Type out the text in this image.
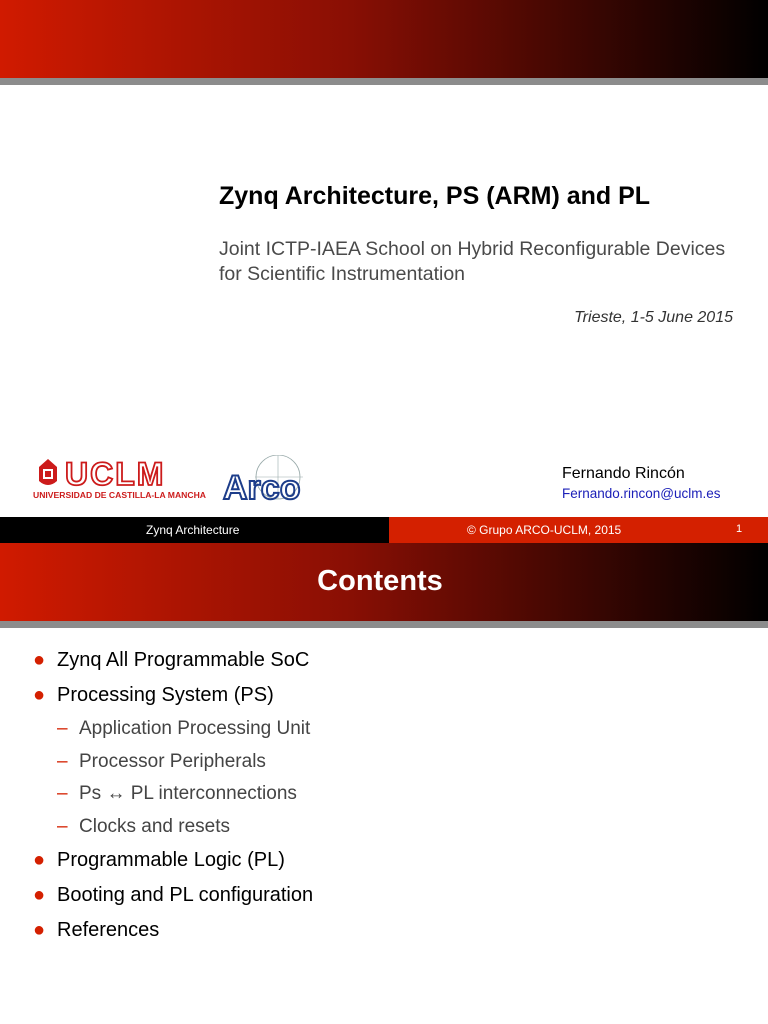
Zynq Architecture, PS (ARM) and PL
Joint ICTP-IAEA School on Hybrid Reconfigurable Devices for Scientific Instrumentation
Trieste, 1-5 June 2015
UCLM
UNIVERSIDAD DE CASTILLA-LA MANCHA Arco	Fernando Rincón
Fernando.rincon@uclm.es
Zynq Architecture	© Grupo ARCO-UCLM, 2015	1
Contents
● Zynq All Programmable SoC
● Processing System (PS)
– Application Processing Unit
– Processor Peripherals
– Ps ↔ PL interconnections
– Clocks and resets
● Programmable Logic (PL)
● Booting and PL configuration
● References
